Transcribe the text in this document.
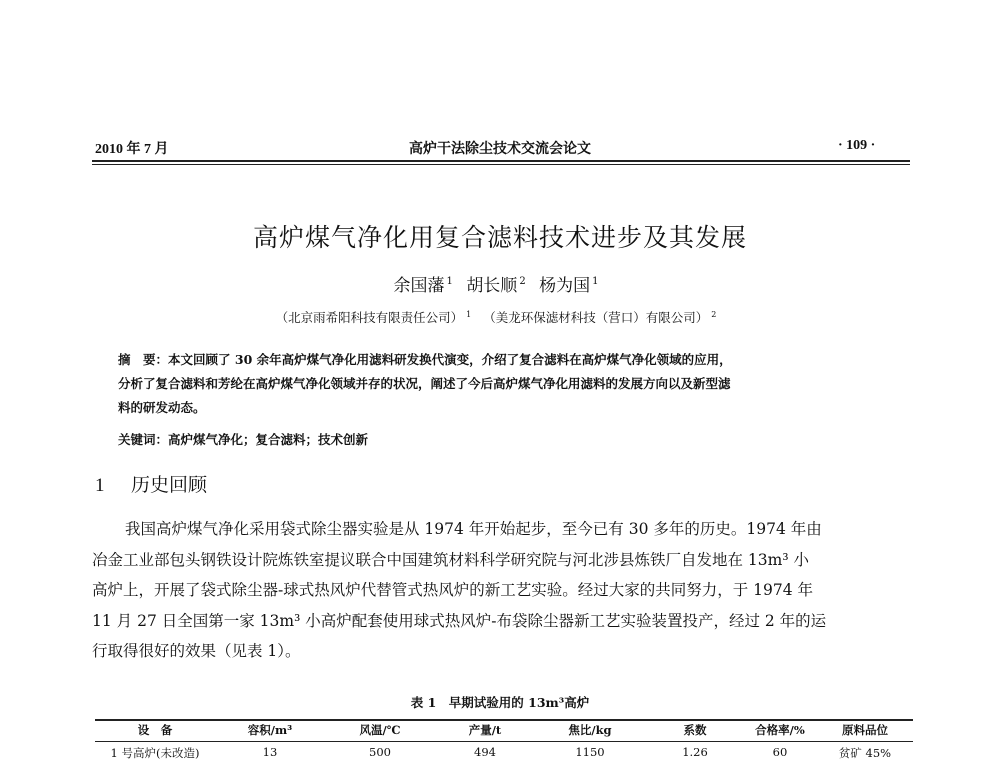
2010 年 7 月	高炉干法除尘技术交流会论文	· 109 ·
高炉煤气净化用复合滤料技术进步及其发展
余国藩 $^1$ 胡长顺 $^2$ 杨为国 $^1$
（北京雨希阳科技有限责任公司） $^1$ （美龙环保滤材科技（营口）有限公司） $^2$

摘　要：本文回顾了 30 余年高炉煤气净化用滤料研发换代演变，介绍了复合滤料在高炉煤气净化领域的应用，

分析了复合滤料和芳纶在高炉煤气净化领域并存的状况，阐述了今后高炉煤气净化用滤料的发展方向以及新型滤

料的研发动态。

关键词：高炉煤气净化；复合滤料；技术创新
1 历史回顾
我国高炉煤气净化采用袋式除尘器实验是从 1974 年开始起步，至今已有 30 多年的历史。1974 年由
冶金工业部包头钢铁设计院炼铁室提议联合中国建筑材料科学研究院与河北涉县炼铁厂自发地在 13m³ 小
高炉上，开展了袋式除尘器-球式热风炉代替管式热风炉的新工艺实验。经过大家的共同努力，于 1974 年
11 月 27 日全国第一家 13m³ 小高炉配套使用球式热风炉-布袋除尘器新工艺实验装置投产，经过 2 年的运
行取得很好的效果（见表 1）。
表 1　早期试验用的 13m³高炉
设　备	容积/m³	风温/℃	产量/t	焦比/kg	系数	合格率/%	原料品位
1 号高炉(未改造)	13	500	494	1150	1.26	60	贫矿 45%
